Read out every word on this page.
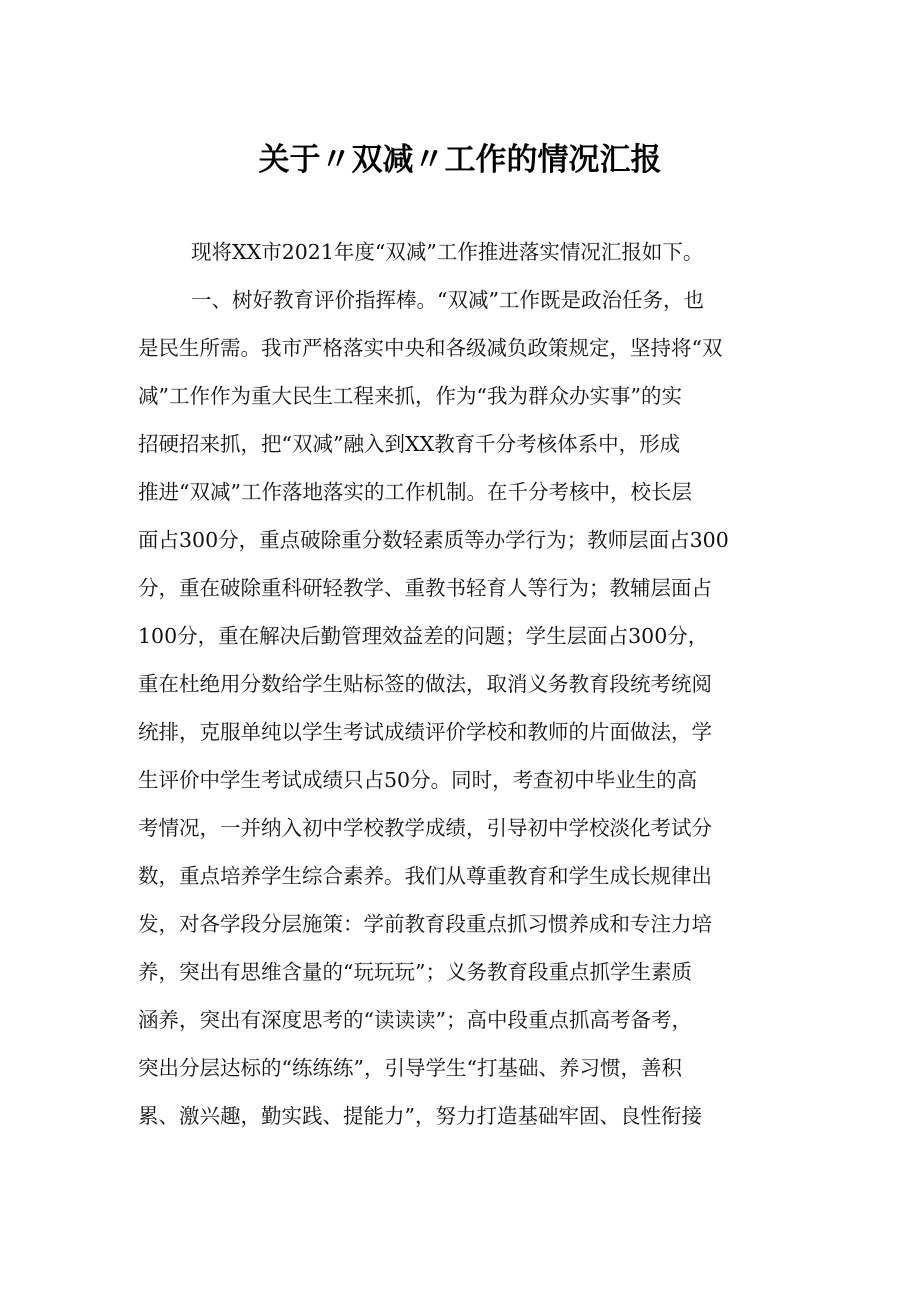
关于〃双减〃工作的情况汇报
现将XX市2021年度“双减”工作推进落实情况汇报如下。
一、树好教育评价指挥棒。“双减”工作既是政治任务，也
是民生所需。我市严格落实中央和各级减负政策规定，坚持将“双
减”工作作为重大民生工程来抓，作为“我为群众办实事”的实
招硬招来抓，把“双减”融入到XX教育千分考核体系中，形成
推进“双减”工作落地落实的工作机制。在千分考核中，校长层
面占300分，重点破除重分数轻素质等办学行为；教师层面占300
分，重在破除重科研轻教学、重教书轻育人等行为；教辅层面占
100分，重在解决后勤管理效益差的问题；学生层面占300分，
重在杜绝用分数给学生贴标签的做法，取消义务教育段统考统阅
统排，克服单纯以学生考试成绩评价学校和教师的片面做法，学
生评价中学生考试成绩只占50分。同时，考查初中毕业生的高
考情况，一并纳入初中学校教学成绩，引导初中学校淡化考试分
数，重点培养学生综合素养。我们从尊重教育和学生成长规律出
发，对各学段分层施策：学前教育段重点抓习惯养成和专注力培
养，突出有思维含量的“玩玩玩”；义务教育段重点抓学生素质
涵养，突出有深度思考的“读读读”；高中段重点抓高考备考，
突出分层达标的“练练练”，引导学生“打基础、养习惯，善积
累、激兴趣，勤实践、提能力”，努力打造基础牢固、良性衔接
